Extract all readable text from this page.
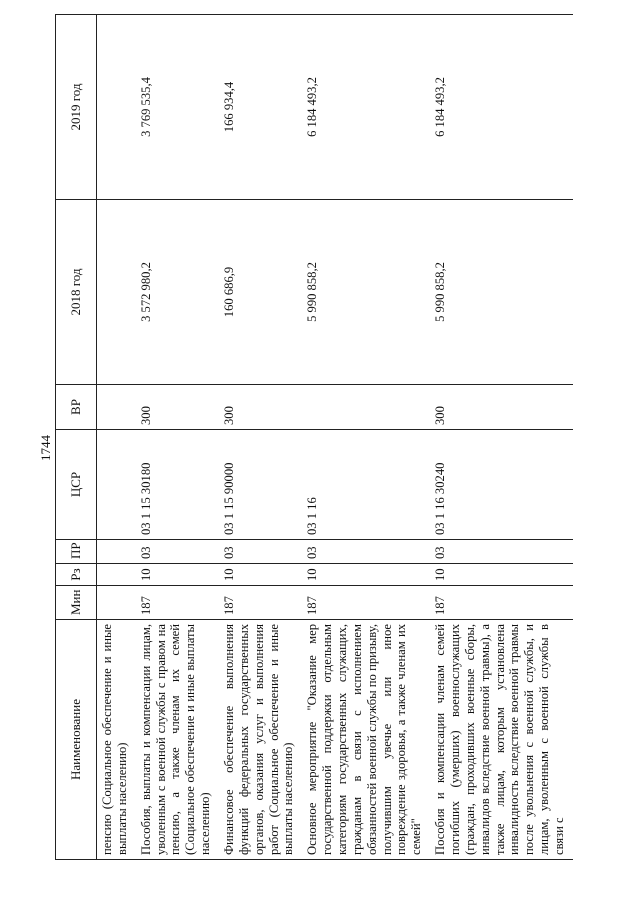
1744
Наименование	Мин	Рз	ПР	ЦСР	ВР	2018 год	2019 год
пенсию (Социальное обеспечение и иные выплаты населению)							
Пособия, выплаты и компенсации лицам, уволенным с военной службы с правом на пенсию, а также членам их семей (Социальное обеспечение и иные выплаты населению)	187	10	03	03 1 15 30180	300	3 572 980,2	3 769 535,4
Финансовое обеспечение выполнения функций федеральных государственных органов, оказания услуг и выполнения работ (Социальное обеспечение и иные выплаты населению)	187	10	03	03 1 15 90000	300	160 686,9	166 934,4
Основное мероприятие "Оказание мер государственной поддержки отдельным категориям государственных служащих, гражданам в связи с исполнением обязанностей военной службы по призыву, получившим увечье или иное повреждение здоровья, а также членам их семей"	187	10	03	03 1 16		5 990 858,2	6 184 493,2
Пособия и компенсации членам семей погибших (умерших) военнослужащих (граждан, проходивших военные сборы, инвалидов вследствие военной травмы), а также лицам, которым установлена инвалидность вследствие военной травмы после увольнения с военной службы, и лицам, уволенным с военной службы в связи с	187	10	03	03 1 16 30240	300	5 990 858,2	6 184 493,2
